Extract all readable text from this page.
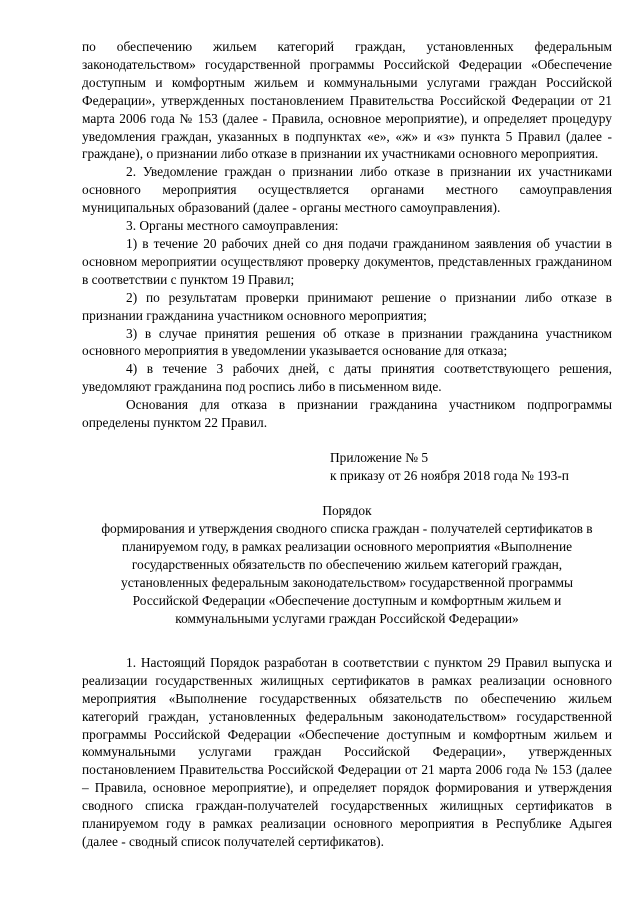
по обеспечению жильем категорий граждан, установленных федеральным законодательством» государственной программы Российской Федерации «Обеспечение доступным и комфортным жильем и коммунальными услугами граждан Российской Федерации», утвержденных постановлением Правительства Российской Федерации от 21 марта 2006 года № 153 (далее - Правила, основное мероприятие), и определяет процедуру уведомления граждан, указанных в подпунктах «е», «ж» и «з» пункта 5 Правил (далее - граждане), о признании либо отказе в признании их участниками основного мероприятия.

2. Уведомление граждан о признании либо отказе в признании их участниками основного мероприятия осуществляется органами местного самоуправления муниципальных образований (далее - органы местного самоуправления).

3. Органы местного самоуправления:

1) в течение 20 рабочих дней со дня подачи гражданином заявления об участии в основном мероприятии осуществляют проверку документов, представленных гражданином в соответствии с пунктом 19 Правил;

2) по результатам проверки принимают решение о признании либо отказе в признании гражданина участником основного мероприятия;

3) в случае принятия решения об отказе в признании гражданина участником основного мероприятия в уведомлении указывается основание для отказа;

4) в течение 3 рабочих дней, с даты принятия соответствующего решения, уведомляют гражданина под роспись либо в письменном виде.

Основания для отказа в признании гражданина участником подпрограммы определены пунктом 22 Правил.

Приложение № 5
к приказу от 26 ноября 2018 года № 193-п
Порядок
формирования и утверждения сводного списка граждан - получателей сертификатов в планируемом году, в рамках реализации основного мероприятия «Выполнение государственных обязательств по обеспечению жильем категорий граждан, установленных федеральным законодательством» государственной программы Российской Федерации «Обеспечение доступным и комфортным жильем и коммунальными услугами граждан Российской Федерации»

1. Настоящий Порядок разработан в соответствии с пунктом 29 Правил выпуска и реализации государственных жилищных сертификатов в рамках реализации основного мероприятия «Выполнение государственных обязательств по обеспечению жильем категорий граждан, установленных федеральным законодательством» государственной программы Российской Федерации «Обеспечение доступным и комфортным жильем и коммунальными услугами граждан Российской Федерации», утвержденных постановлением Правительства Российской Федерации от 21 марта 2006 года № 153 (далее – Правила, основное мероприятие), и определяет порядок формирования и утверждения сводного списка граждан-получателей государственных жилищных сертификатов в планируемом году в рамках реализации основного мероприятия в Республике Адыгея (далее - сводный список получателей сертификатов).
